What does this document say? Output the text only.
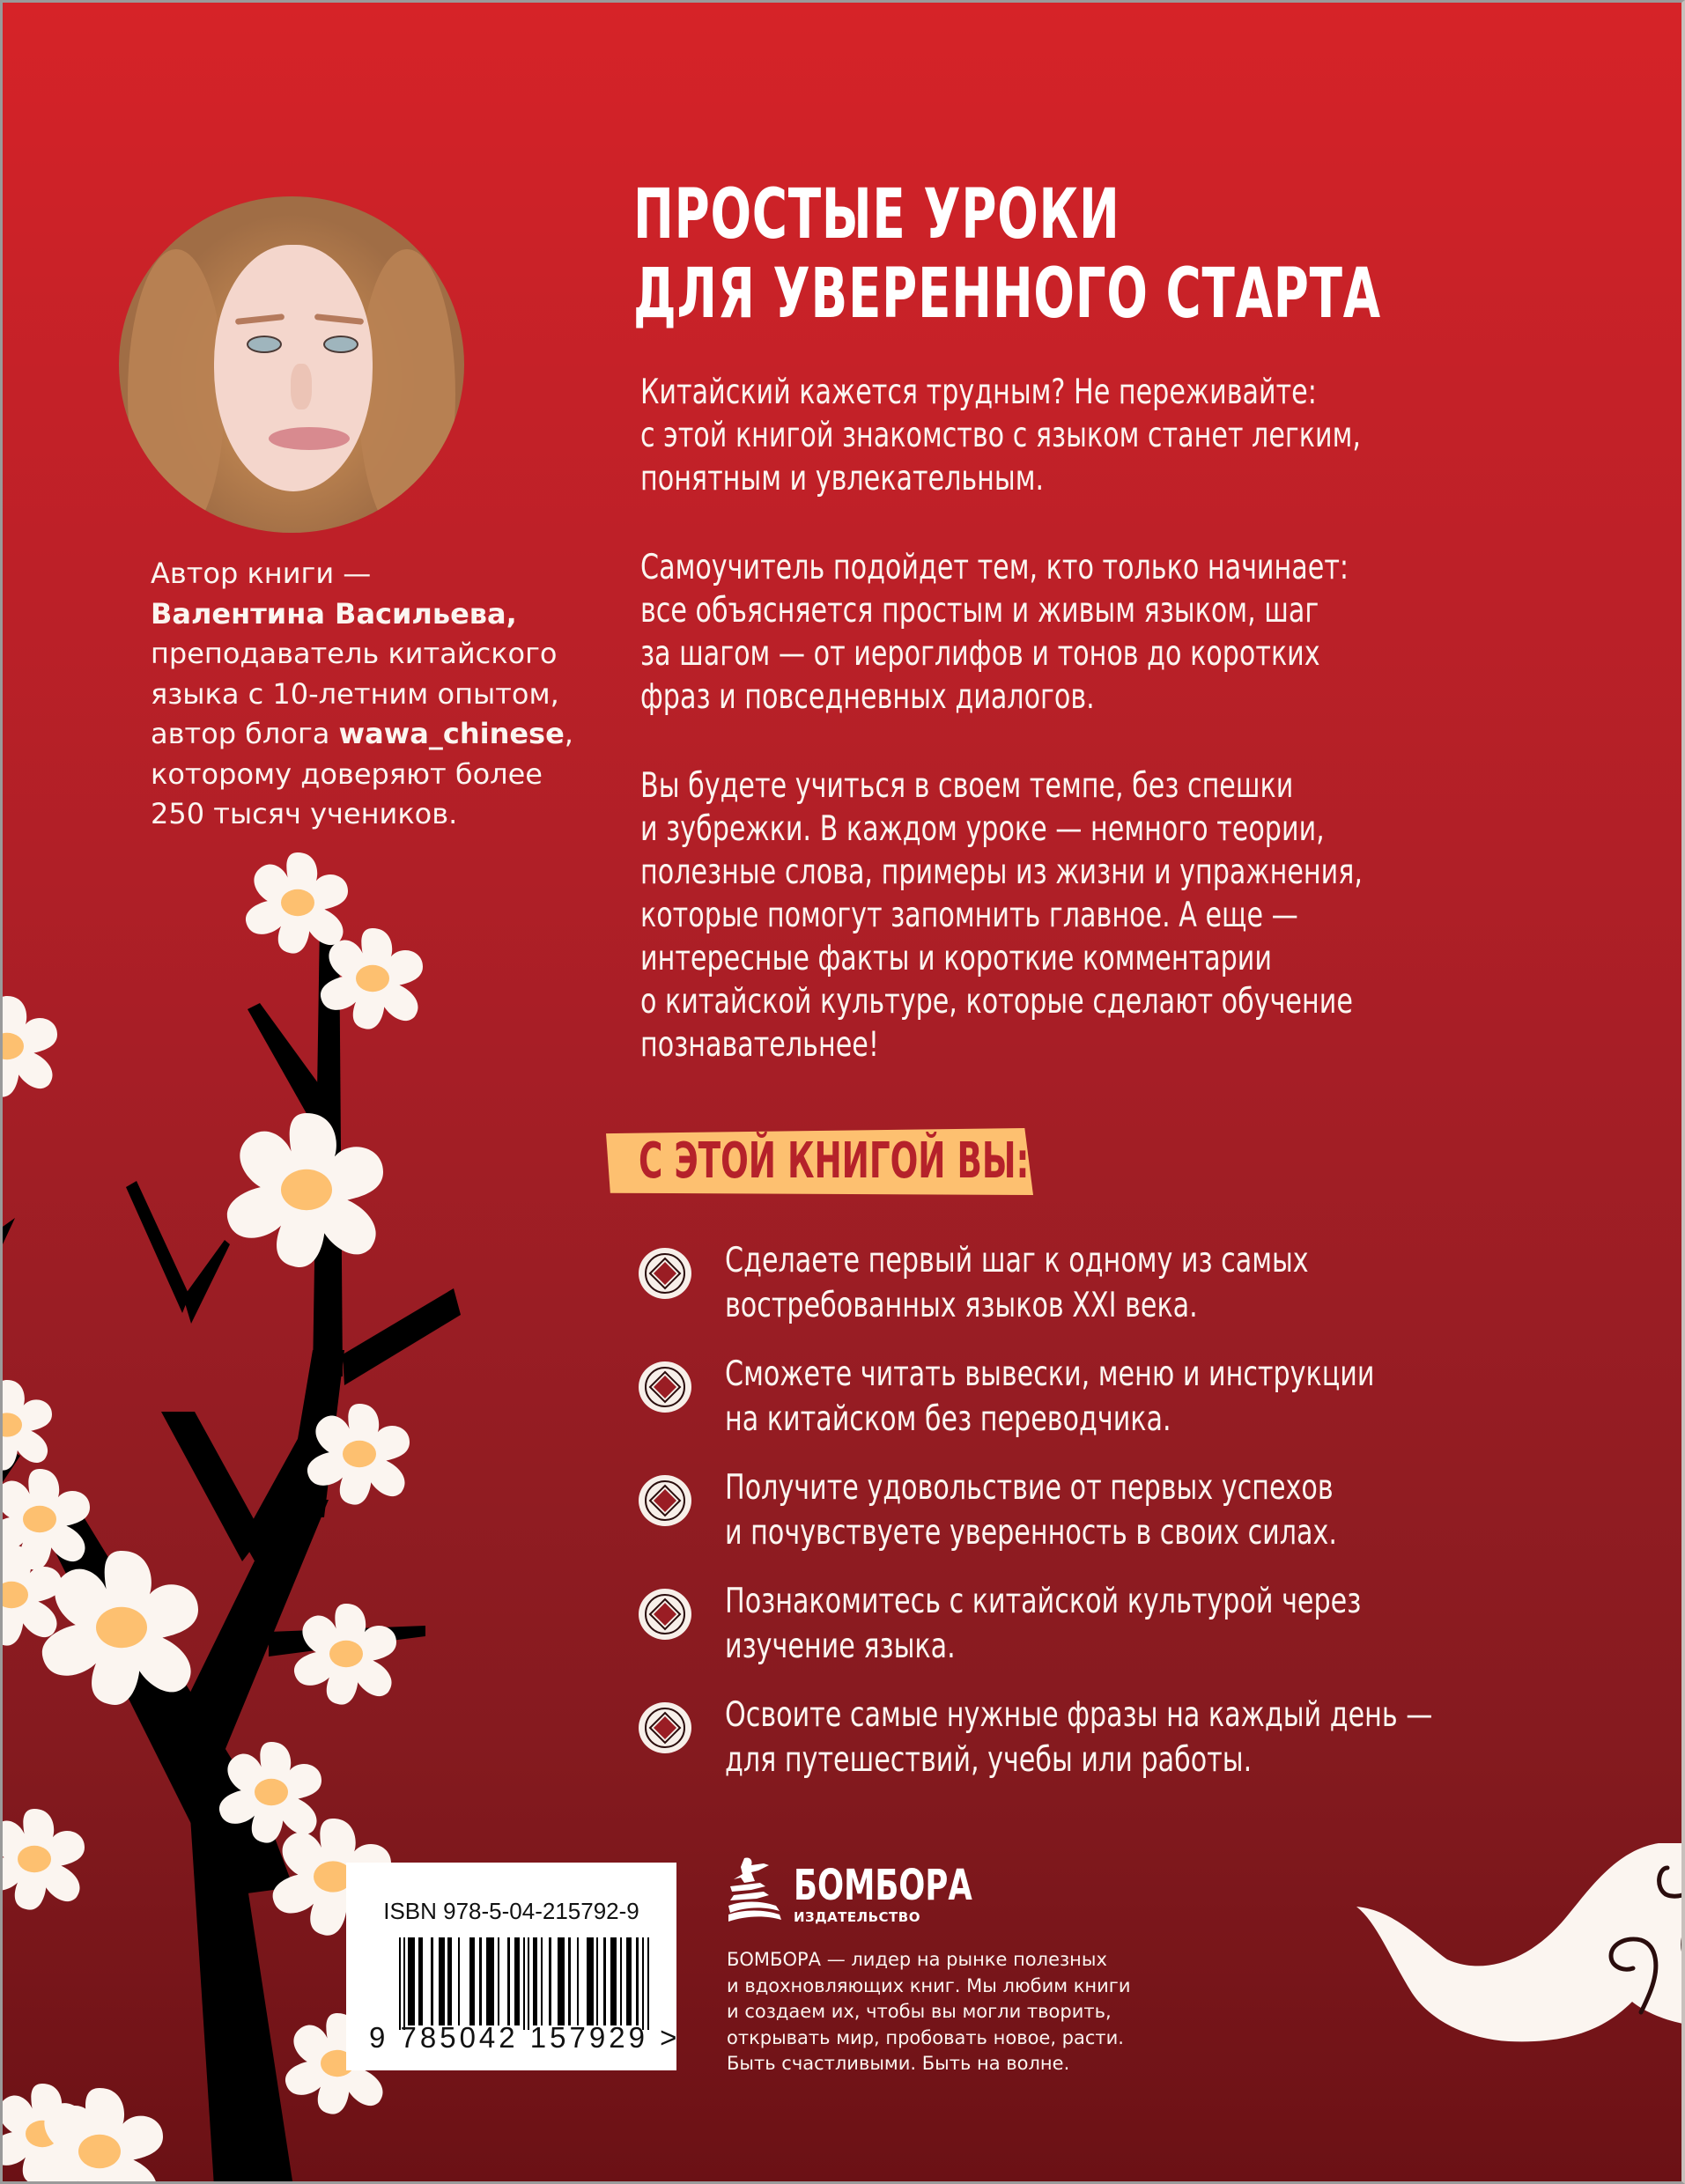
Автор книги —
Валентина Васильева,
преподаватель китайского
языка с 10-летним опытом,
автор блога wawa_chinese,
которому доверяют более
250 тысяч учеников.
ПРОСТЫЕ УРОКИ
ДЛЯ УВЕРЕННОГО СТАРТА
Китайский кажется трудным? Не переживайте:
с этой книгой знакомство с языком станет легким,
понятным и увлекательным.
Самоучитель подойдет тем, кто только начинает:
все объясняется простым и живым языком, шаг
за шагом — от иероглифов и тонов до коротких
фраз и повседневных диалогов.
Вы будете учиться в своем темпе, без спешки
и зубрежки. В каждом уроке — немного теории,
полезные слова, примеры из жизни и упражнения,
которые помогут запомнить главное. А еще —
интересные факты и короткие комментарии
о китайской культуре, которые сделают обучение
познавательнее!
С ЭТОЙ КНИГОЙ ВЫ:
Сделаете первый шаг к одному из самых
востребованных языков XXI века.
Сможете читать вывески, меню и инструкции
на китайском без переводчика.
Получите удовольствие от первых успехов
и почувствуете уверенность в своих силах.
Познакомитесь с китайской культурой через
изучение языка.
Освоите самые нужные фразы на каждый день —
для путешествий, учебы или работы.
ISBN 978-5-04-215792-9
9 785042 157929 >
БОМБОРА
ИЗДАТЕЛЬСТВО
БОМБОРА — лидер на рынке полезных
и вдохновляющих книг. Мы любим книги
и создаем их, чтобы вы могли творить,
открывать мир, пробовать новое, расти.
Быть счастливыми. Быть на волне.
